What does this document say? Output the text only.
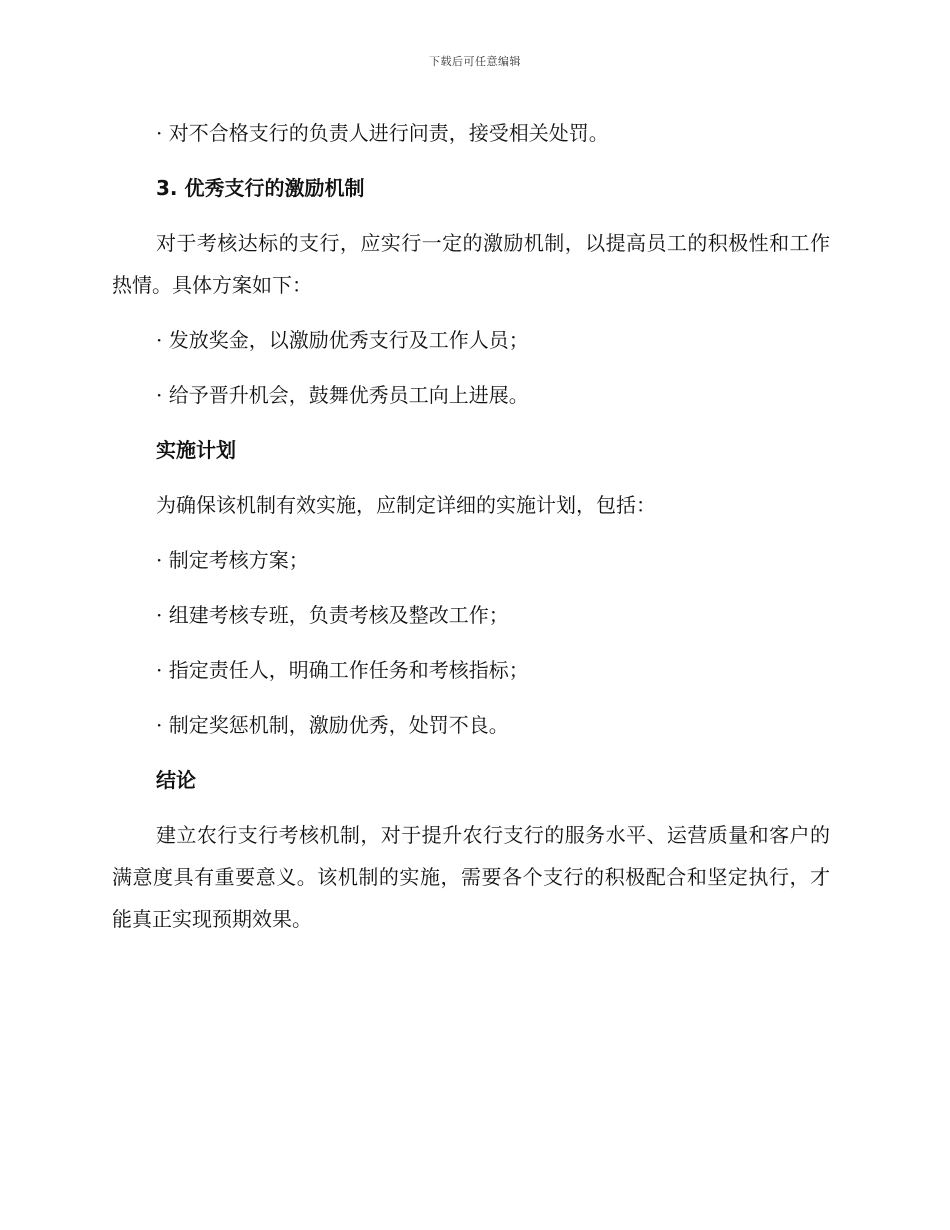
下载后可任意编辑

· 对不合格支行的负责人进行问责，接受相关处罚。

3. 优秀支行的激励机制

对于考核达标的支行，应实行一定的激励机制，以提高员工的积极性和工作热情。具体方案如下：

· 发放奖金，以激励优秀支行及工作人员；

· 给予晋升机会，鼓舞优秀员工向上进展。

实施计划

为确保该机制有效实施，应制定详细的实施计划，包括：

· 制定考核方案；

· 组建考核专班，负责考核及整改工作；

· 指定责任人，明确工作任务和考核指标；

· 制定奖惩机制，激励优秀，处罚不良。

结论

建立农行支行考核机制，对于提升农行支行的服务水平、运营质量和客户的满意度具有重要意义。该机制的实施，需要各个支行的积极配合和坚定执行，才能真正实现预期效果。
